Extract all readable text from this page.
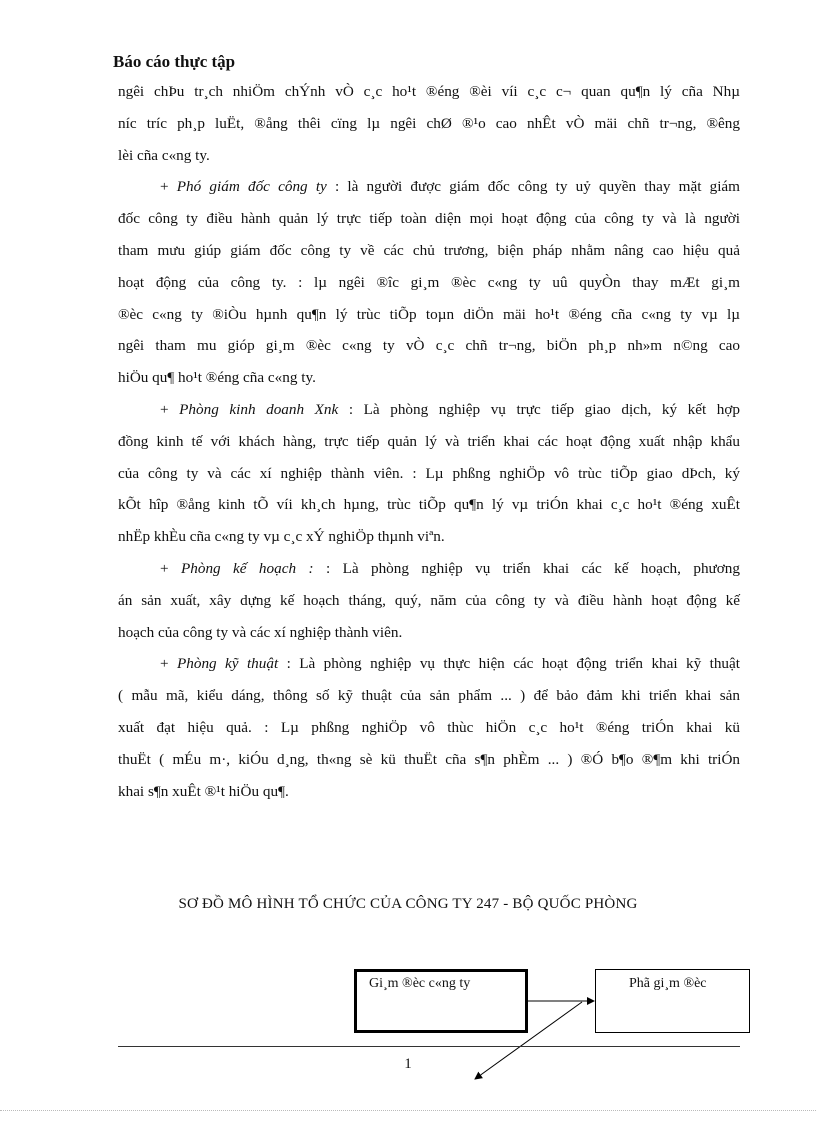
Báo cáo thực tập
ngêi chÞu tr¸ch nhiÖm chÝnh vÒ c¸c ho¹t ®éng ®èi víi c¸c c¬ quan qu¶n lý cña Nhµ
níc tríc ph¸p luËt, ®ång thêi cïng lµ ngêi chØ ®¹o cao nhÊt vÒ mäi chñ tr¬ng, ®êng
lèi cña c«ng ty.
+ Phó giám đốc công ty : là người được giám đốc công ty uỷ quyền thay mặt giám
đốc công ty điều hành quản lý trực tiếp toàn diện mọi hoạt động của công ty và là người
tham mưu giúp giám đốc công ty về các chủ trương, biện pháp nhằm nâng cao hiệu quả
hoạt động của công ty. : lµ ngêi ®îc gi¸m ®èc c«ng ty uû quyÒn thay mÆt gi¸m
®èc c«ng ty ®iÒu hµnh qu¶n lý trùc tiÕp toµn diÖn mäi ho¹t ®éng cña c«ng ty vµ lµ
ngêi tham mu gióp gi¸m ®èc c«ng ty vÒ c¸c chñ tr¬ng, biÖn ph¸p nh»m n©ng cao
hiÖu qu¶ ho¹t ®éng cña c«ng ty.
+ Phòng kinh doanh Xnk : Là phòng nghiệp vụ trực tiếp giao dịch, ký kết hợp
đồng kinh tế với khách hàng, trực tiếp quản lý và triển khai các hoạt động xuất nhập khẩu
của công ty và các xí nghiệp thành viên. : Lµ phßng nghiÖp vô trùc tiÕp giao dÞch, ký
kÕt hîp ®ång kinh tÕ víi kh¸ch hµng, trùc tiÕp qu¶n lý vµ triÓn khai c¸c ho¹t ®éng xuÊt
nhËp khÈu cña c«ng ty vµ c¸c xÝ nghiÖp thµnh viªn.
+ Phòng kế hoạch : : Là phòng nghiệp vụ triển khai các kế hoạch, phương
án sản xuất, xây dựng kế hoạch tháng, quý, năm của công ty và điều hành hoạt động kế
hoạch của công ty và các xí nghiệp thành viên.
+ Phòng kỹ thuật : Là phòng nghiệp vụ thực hiện các hoạt động triển khai kỹ thuật
( mẫu mã, kiểu dáng, thông số kỹ thuật của sản phẩm ... ) để bảo đảm khi triển khai sản
xuất đạt hiệu quả. : Lµ phßng nghiÖp vô thùc hiÖn c¸c ho¹t ®éng triÓn khai kü
thuËt ( mÉu m·, kiÓu d¸ng, th«ng sè kü thuËt cña s¶n phÈm ... ) ®Ó b¶o ®¶m khi triÓn
khai s¶n xuÊt ®¹t hiÖu qu¶.
SƠ ĐỒ MÔ HÌNH TỔ CHỨC CỦA CÔNG TY 247 - BỘ QUỐC PHÒNG
Gi¸m ®èc c«ng ty	Phã gi¸m ®èc
1
